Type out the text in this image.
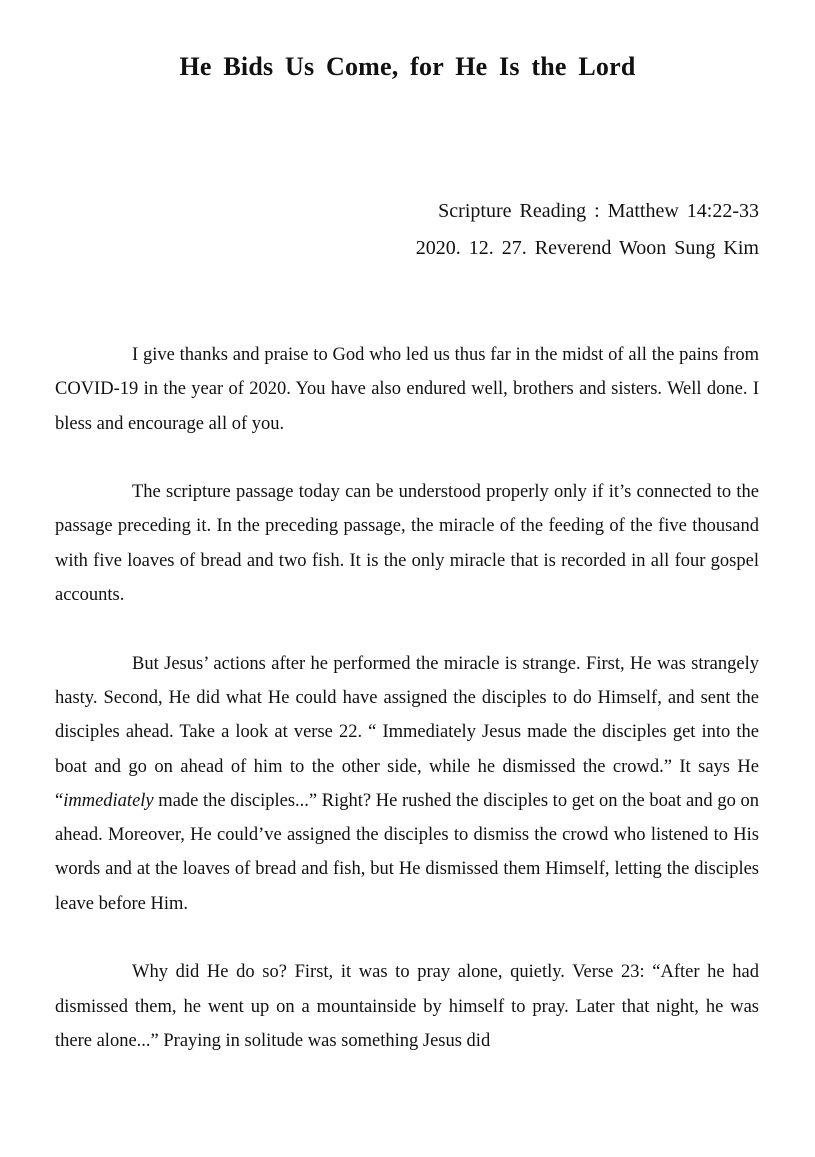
He Bids Us Come, for He Is the Lord
Scripture Reading : Matthew 14:22-33
2020. 12. 27. Reverend Woon Sung Kim

I give thanks and praise to God who led us thus far in the midst of all the pains from COVID-19 in the year of 2020. You have also endured well, brothers and sisters. Well done. I bless and encourage all of you.

The scripture passage today can be understood properly only if it’s connected to the passage preceding it. In the preceding passage, the miracle of the feeding of the five thousand with five loaves of bread and two fish. It is the only miracle that is recorded in all four gospel accounts.

But Jesus’ actions after he performed the miracle is strange. First, He was strangely hasty. Second, He did what He could have assigned the disciples to do Himself, and sent the disciples ahead. Take a look at verse 22. “ Immediately Jesus made the disciples get into the boat and go on ahead of him to the other side, while he dismissed the crowd.” It says He “immediately made the disciples...” Right? He rushed the disciples to get on the boat and go on ahead. Moreover, He could’ve assigned the disciples to dismiss the crowd who listened to His words and at the loaves of bread and fish, but He dismissed them Himself, letting the disciples leave before Him.

Why did He do so? First, it was to pray alone, quietly. Verse 23: “After he had dismissed them, he went up on a mountainside by himself to pray. Later that night, he was there alone...” Praying in solitude was something Jesus did
